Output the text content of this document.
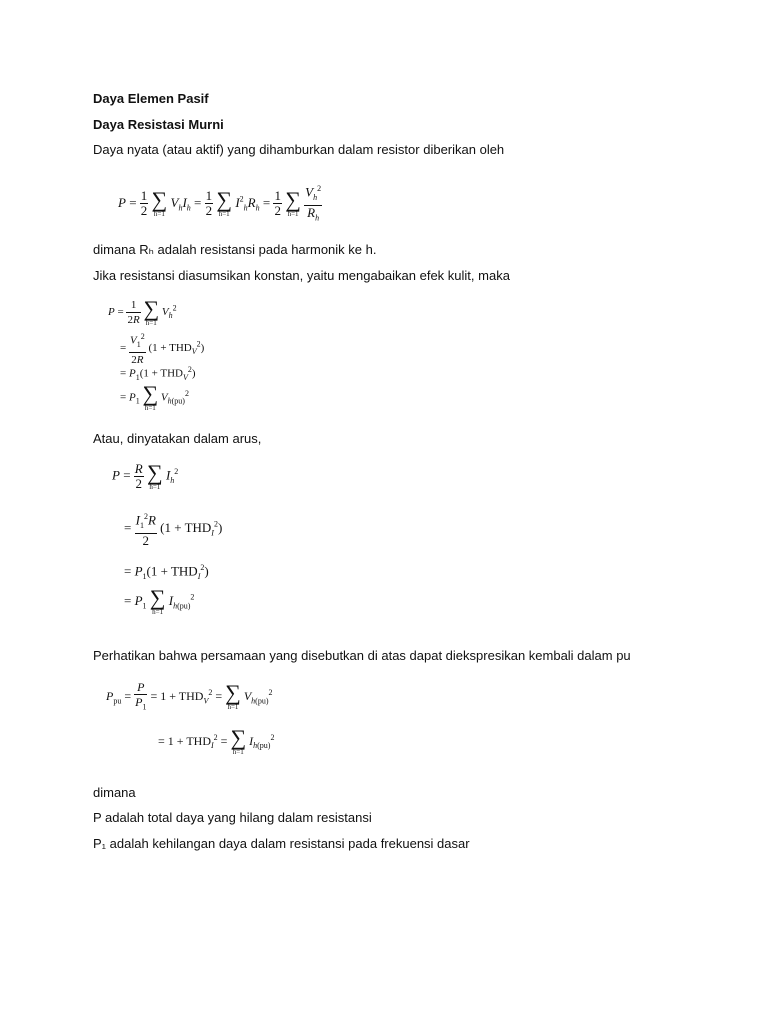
Daya Elemen Pasif
Daya Resistasi Murni
Daya nyata (atau aktif) yang dihamburkan dalam resistor diberikan oleh
$P = \frac{1}{2}$
∑
h=1
$V_hI_h = \frac{1}{2}$
∑
h=1
$I^2_hR_h = \frac{1}{2}$
∑
h=1
$\frac{V_h^2}{R_h}$
dimana Rₕ adalah resistansi pada harmonik ke h.
Jika resistansi diasumsikan konstan, yaitu mengabaikan efek kulit, maka
$P = \frac{1}{2R}$
∑
h=1
$V_h^2$
= $\frac{V_1^2}{2R} (1 + THD_V^2)$
= $P_1(1 + THD_V^2)$
= $P_1$ ∑
h=1
$V_{h(pu)}^2$
Atau, dinyatakan dalam arus,
$P = \frac{R}{2}$
∑
h=1
$I_h^2$
= $\frac{I_1^2R}{2} (1 + THD_I^2)$
= $P_1(1 + THD_I^2)$
= $P_1$ ∑
h=1
$I_{h(pu)}^2$
Perhatikan bahwa persamaan yang disebutkan di atas dapat diekspresikan kembali dalam pu
$P_{pu} = \frac{P}{P_1} = 1 + THD_V^2$ = ∑
h=1
$V_{h(pu)}^2$
= $1 + THD_I^2$ = ∑
h=1
$I_{h(pu)}^2$
dimana
P adalah total daya yang hilang dalam resistansi
P₁ adalah kehilangan daya dalam resistansi pada frekuensi dasar
